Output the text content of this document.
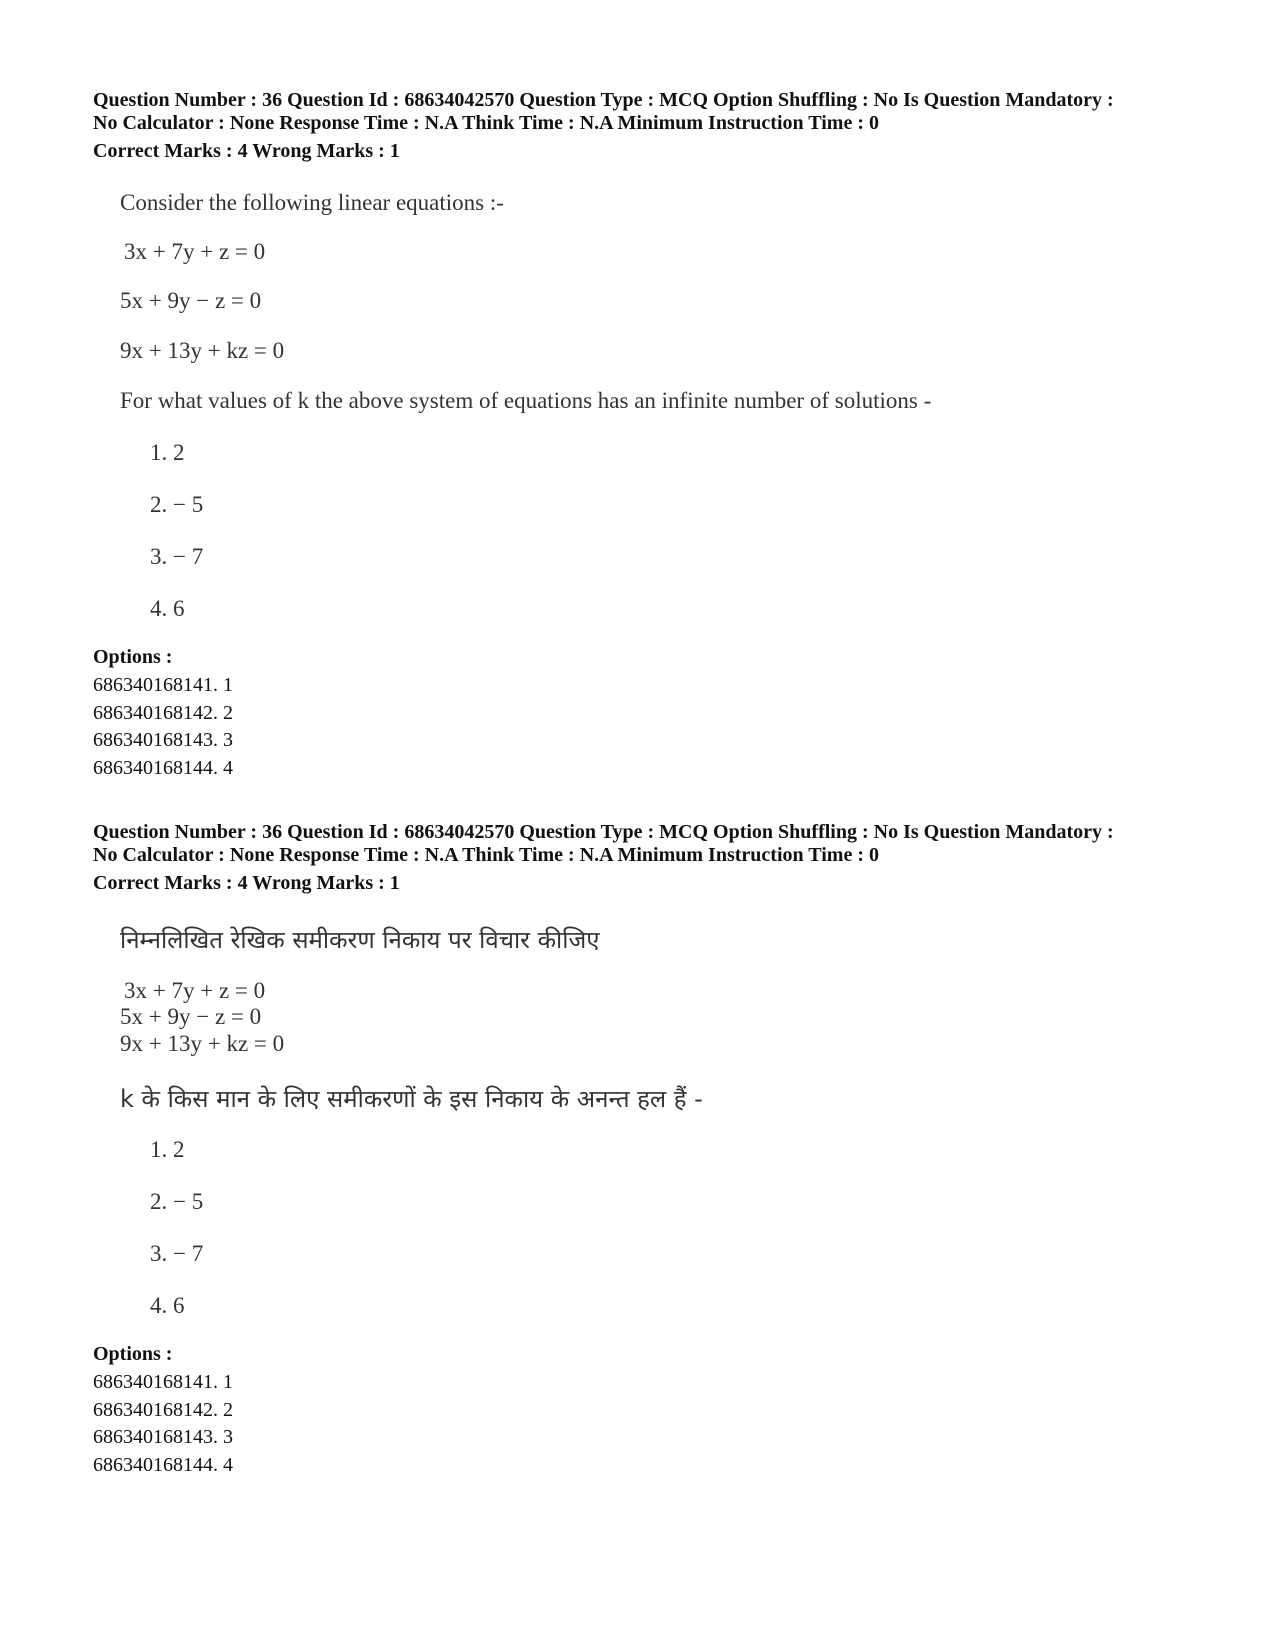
Question Number : 36 Question Id : 68634042570 Question Type : MCQ Option Shuffling : No Is Question Mandatory :
No Calculator : None Response Time : N.A Think Time : N.A Minimum Instruction Time : 0
Correct Marks : 4 Wrong Marks : 1
Consider the following linear equations :-
3x + 7y + z = 0
5x + 9y − z = 0
9x + 13y + kz = 0
For what values of k the above system of equations has an infinite number of solutions -
1. 2
2. − 5
3. − 7
4. 6
Options :
686340168141. 1
686340168142. 2
686340168143. 3
686340168144. 4
Question Number : 36 Question Id : 68634042570 Question Type : MCQ Option Shuffling : No Is Question Mandatory :
No Calculator : None Response Time : N.A Think Time : N.A Minimum Instruction Time : 0
Correct Marks : 4 Wrong Marks : 1
निम्नलिखित रेखिक समीकरण निकाय पर विचार कीजिए
3x + 7y + z = 0
5x + 9y − z = 0
9x + 13y + kz = 0
k के किस मान के लिए समीकरणों के इस निकाय के अनन्त हल हैं -
1. 2
2. − 5
3. − 7
4. 6
Options :
686340168141. 1
686340168142. 2
686340168143. 3
686340168144. 4
